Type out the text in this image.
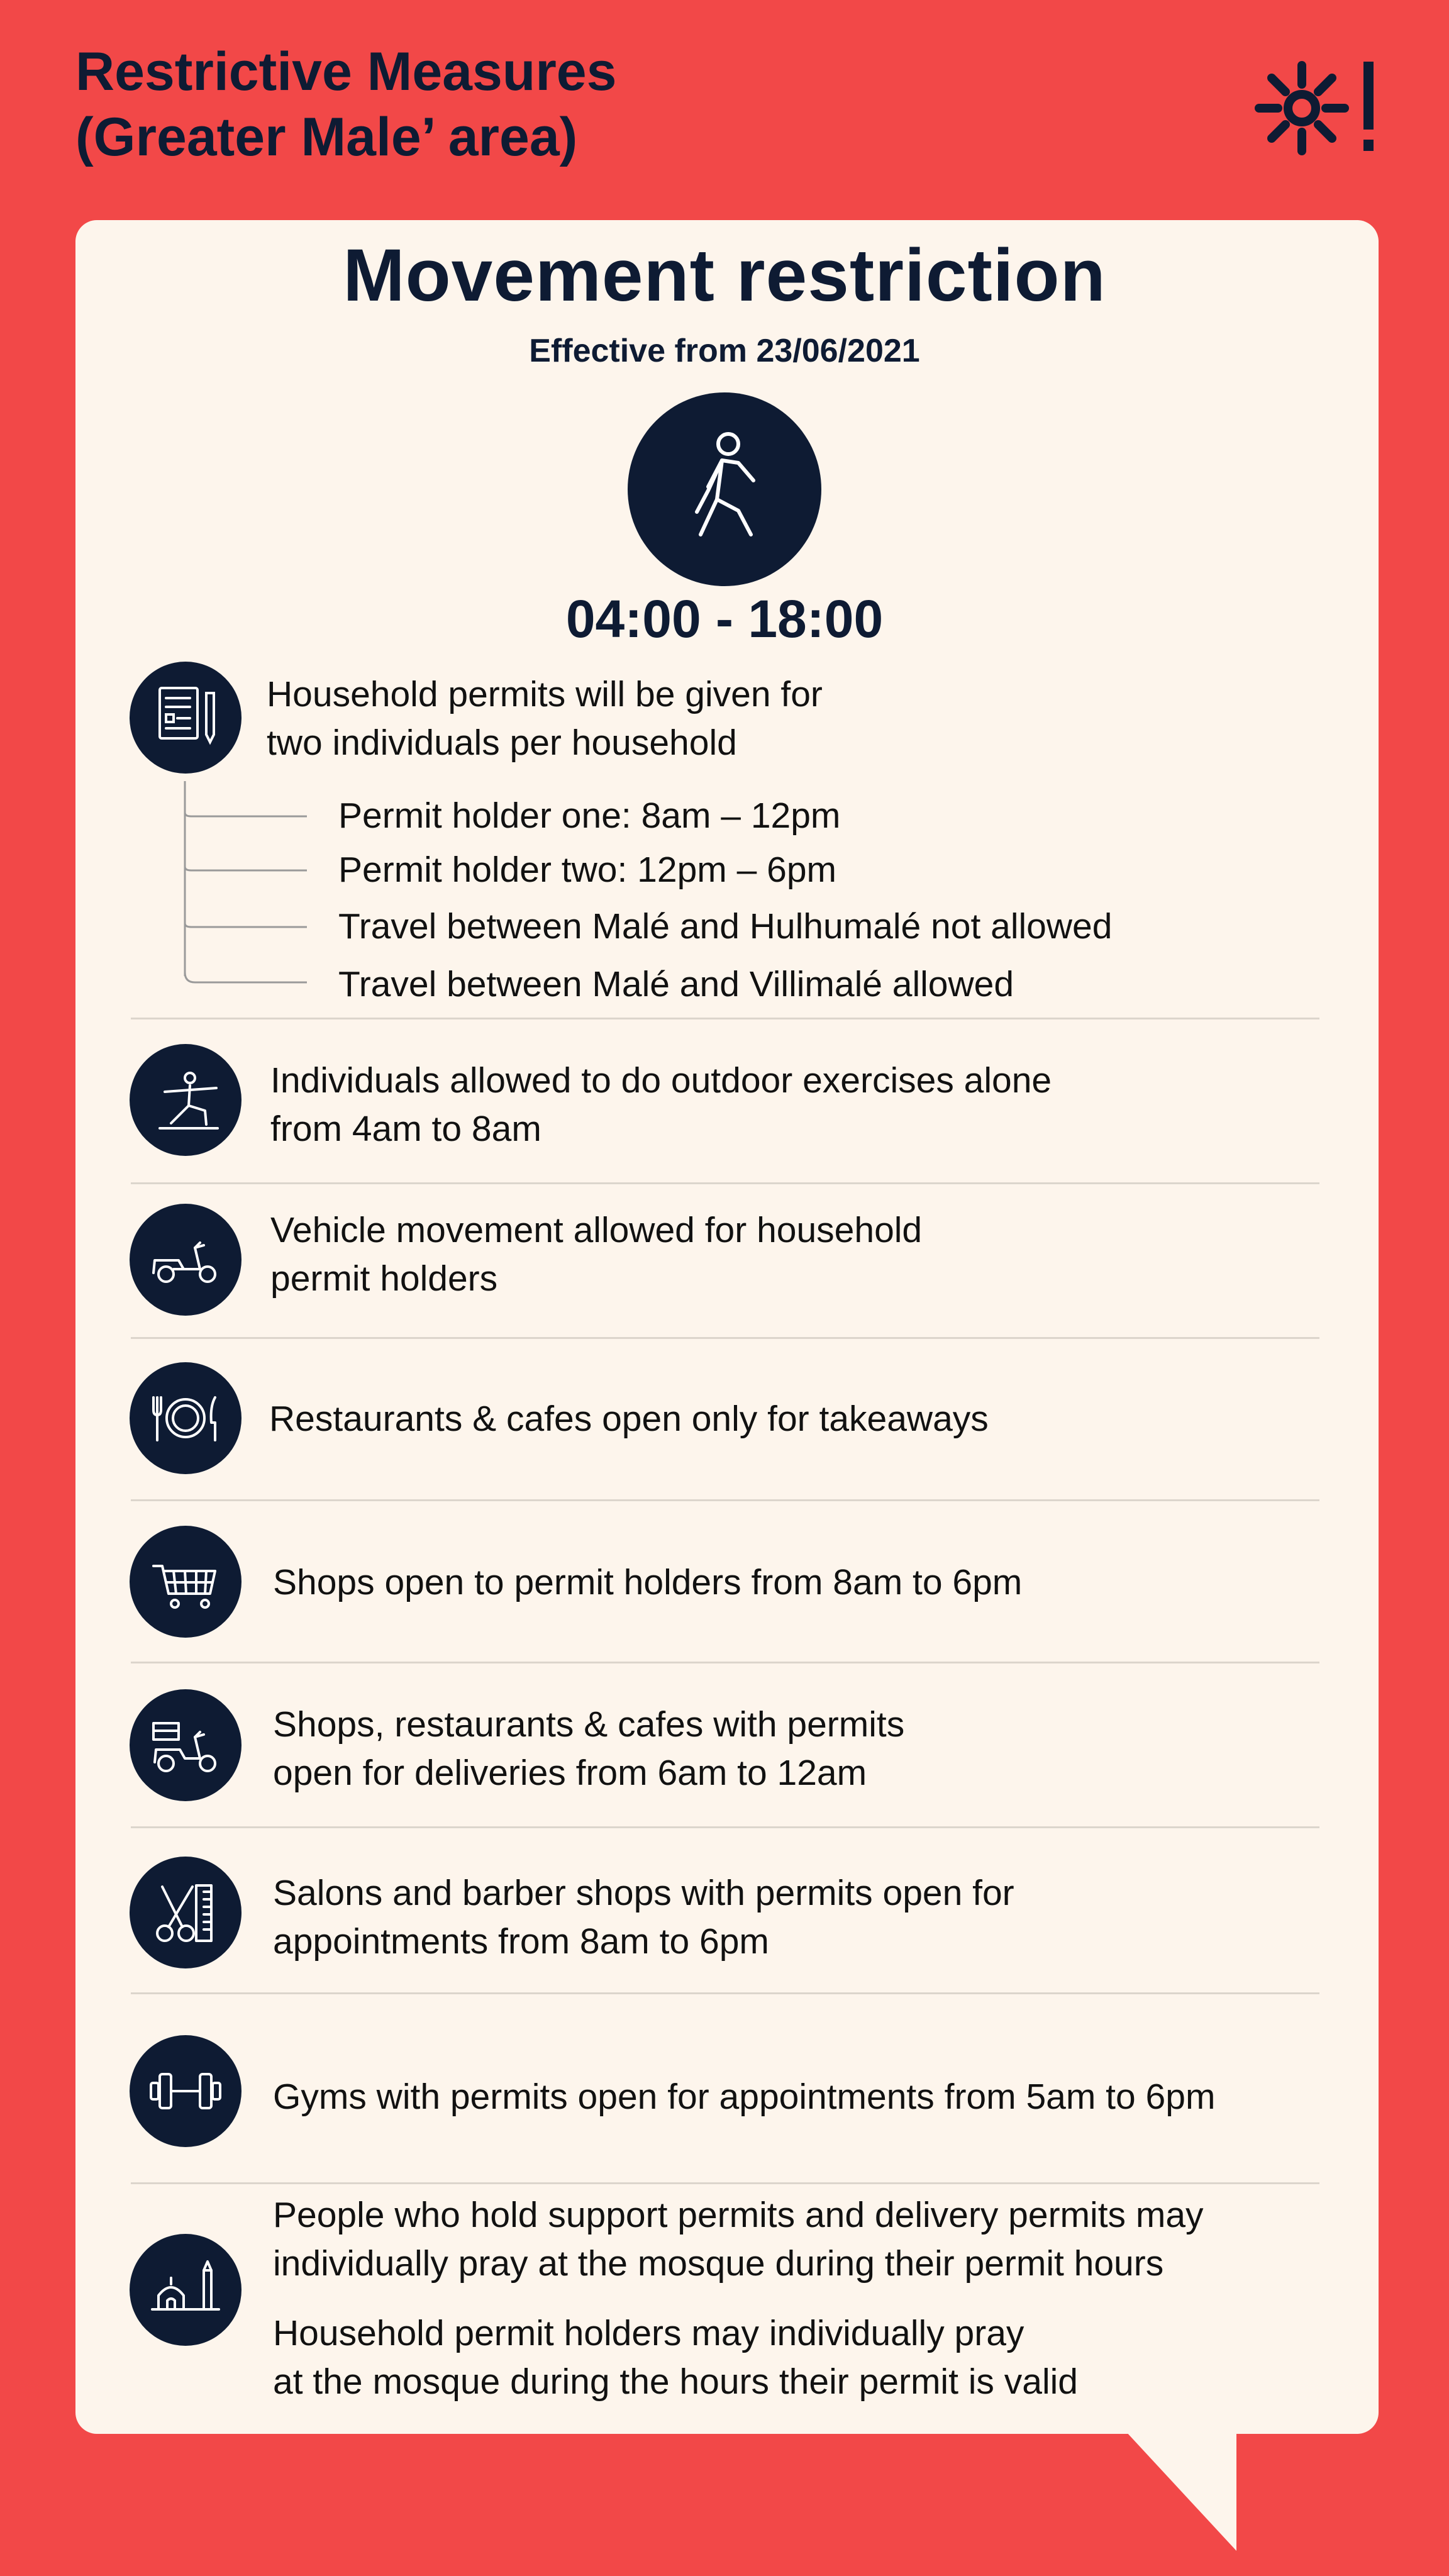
Restrictive Measures
(Greater Male’ area)
Movement restriction
Effective from 23/06/2021
04:00 - 18:00
Household permits will be given for
two individuals per household
Permit holder one: 8am – 12pm
Permit holder two: 12pm – 6pm
Travel between Malé and Hulhumalé not allowed
Travel between Malé and Villimalé allowed
Individuals allowed to do outdoor exercises alone
from 4am to 8am
Vehicle movement allowed for household
permit holders
Restaurants & cafes open only for takeaways
Shops open to permit holders from 8am to 6pm
Shops, restaurants & cafes with permits
open for deliveries from 6am to 12am
Salons and barber shops with permits open for
appointments from 8am to 6pm
Gyms with permits open for appointments from 5am to 6pm
People who hold support permits and delivery permits may
individually pray at the mosque during their permit hours
Household permit holders may individually pray
at the mosque during the hours their permit is valid
